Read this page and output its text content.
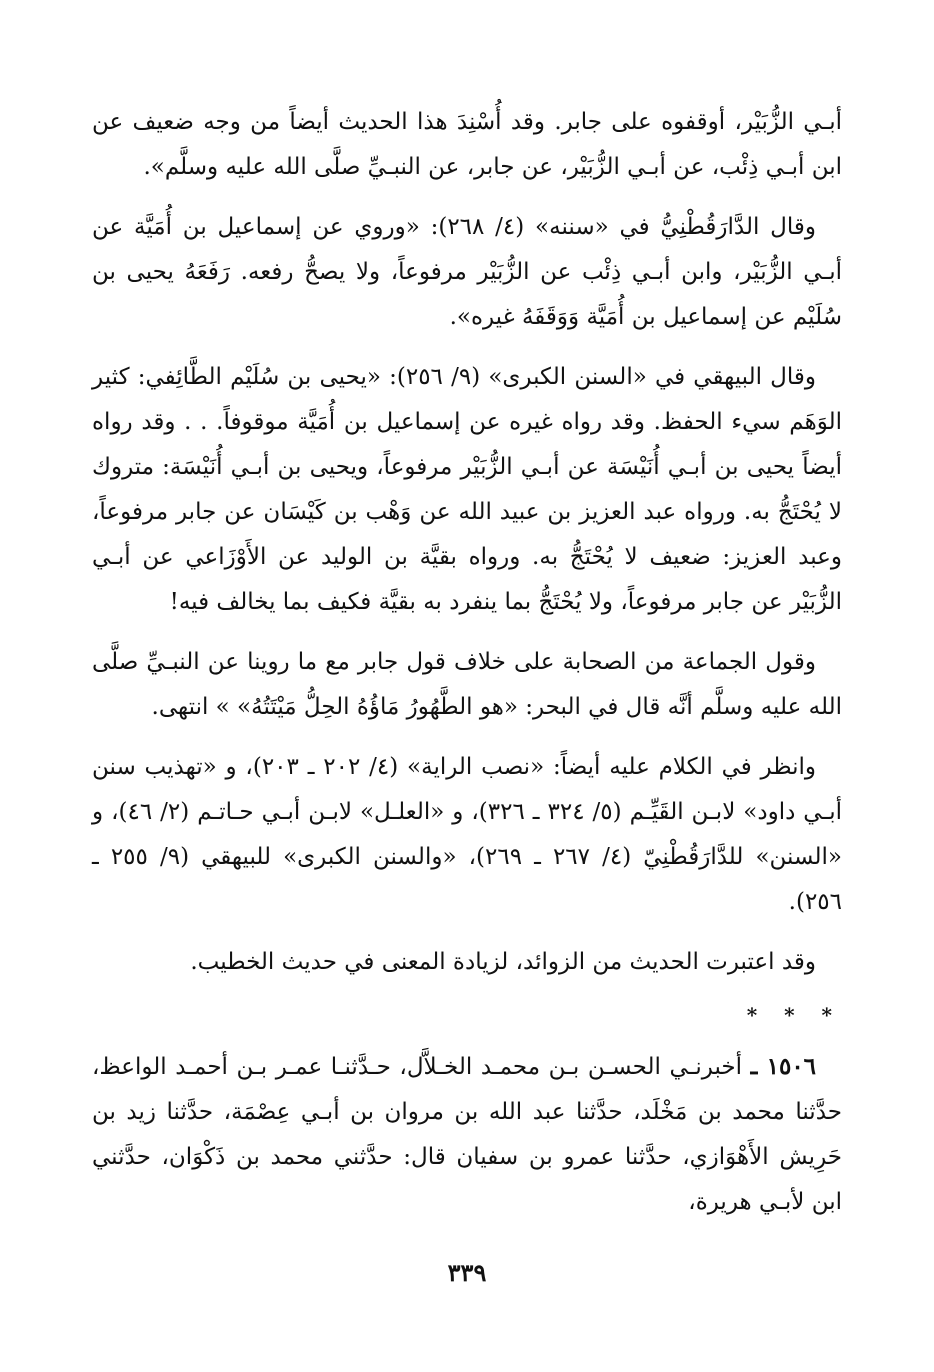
أبـي الزُّبَيْر، أوقفوه على جابر. وقد أُسْنِدَ هذا الحديث أيضاً من وجه ضعيف عن ابن أبـي ذِئْب، عن أبـي الزُّبَيْر، عن جابر، عن النبـيِّ صلَّى الله عليه وسلَّم».

وقال الدَّارَقُطْنِيُّ في «سننه» (٤/ ٢٦٨): «وروي عن إسماعيل بن أُمَيَّة عن أبـي الزُّبَيْر، وابن أبـي ذِئْب عن الزُّبَيْر مرفوعاً، ولا يصحُّ رفعه. رَفَعَهُ يحيى بن سُلَيْم عن إسماعيل بن أُمَيَّة وَوَقَفَهُ غيره».

وقال البيهقي في «السنن الكبرى» (٩/ ٢٥٦): «يحيى بن سُلَيْم الطَّائِفي: كثير الوَهَم سيء الحفظ. وقد رواه غيره عن إسماعيل بن أُمَيَّة موقوفاً. . . وقد رواه أيضاً يحيى بن أبـي أُنَيْسَة عن أبـي الزُّبَيْر مرفوعاً، ويحيى بن أبـي أُنَيْسَة: متروك لا يُحْتَجُّ به. ورواه عبد العزيز بن عبيد الله عن وَهْب بن كَيْسَان عن جابر مرفوعاً، وعبد العزيز: ضعيف لا يُحْتَجُّ به. ورواه بقيَّة بن الوليد عن الأَوْزَاعي عن أبـي الزُّبَيْر عن جابر مرفوعاً، ولا يُحْتَجُّ بما ينفرد به بقيَّة فكيف بما يخالف فيه!

وقول الجماعة من الصحابة على خلاف قول جابر مع ما روينا عن النبـيِّ صلَّى الله عليه وسلَّم أنَّه قال في البحر: «هو الطَّهُورُ مَاؤُهُ الحِلُّ مَيْتَتُهُ» » انتهى.

وانظر في الكلام عليه أيضاً: «نصب الراية» (٤/ ٢٠٢ ـ ٢٠٣)، و «تهذيب سنن أبـي داود» لابـن القَيِّـم (٥/ ٣٢٤ ـ ٣٢٦)، و «العلـل» لابـن أبـي حـاتـم (٢/ ٤٦)، و «السنن» للدَّارَقُطْنِيّ (٤/ ٢٦٧ ـ ٢٦٩)، «والسنن الكبرى» للبيهقي (٩/ ٢٥٥ ـ ٢٥٦).

وقد اعتبرت الحديث من الزوائد، لزيادة المعنى في حديث الخطيب.

* * *

١٥٠٦ ـ أخبرنـي الحسـن بـن محمـد الخـلاَّل، حـدَّثنـا عمـر بـن أحمـد الواعظ، حدَّثنا محمد بن مَخْلَد، حدَّثنا عبد الله بن مروان بن أبـي عِصْمَة، حدَّثنا زيد بن حَرِيش الأَهْوَازي، حدَّثنا عمرو بن سفيان قال: حدَّثني محمد بن ذَكْوَان، حدَّثني ابن لأبـي هريرة،

٣٣٩
